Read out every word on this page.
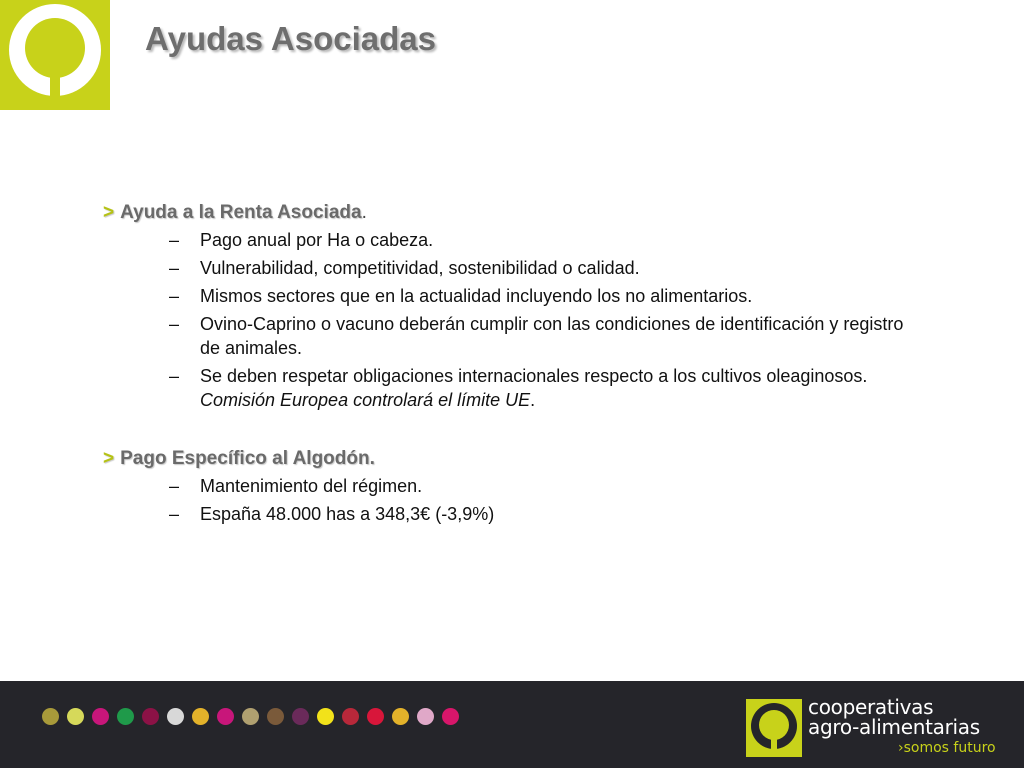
Ayudas Asociadas
> Ayuda a la Renta Asociada.
– Pago anual por Ha o cabeza.
– Vulnerabilidad, competitividad, sostenibilidad o calidad.
– Mismos sectores que en la actualidad incluyendo los no alimentarios.
– Ovino-Caprino o vacuno deberán cumplir con las condiciones de identificación y registro de animales.
– Se deben respetar obligaciones internacionales respecto a los cultivos oleaginosos. Comisión Europea controlará el límite UE.
> Pago Específico al Algodón.
– Mantenimiento del régimen.
– España 48.000 has a 348,3€ (-3,9%)
cooperativas
agro-alimentarias
›somos futuro
